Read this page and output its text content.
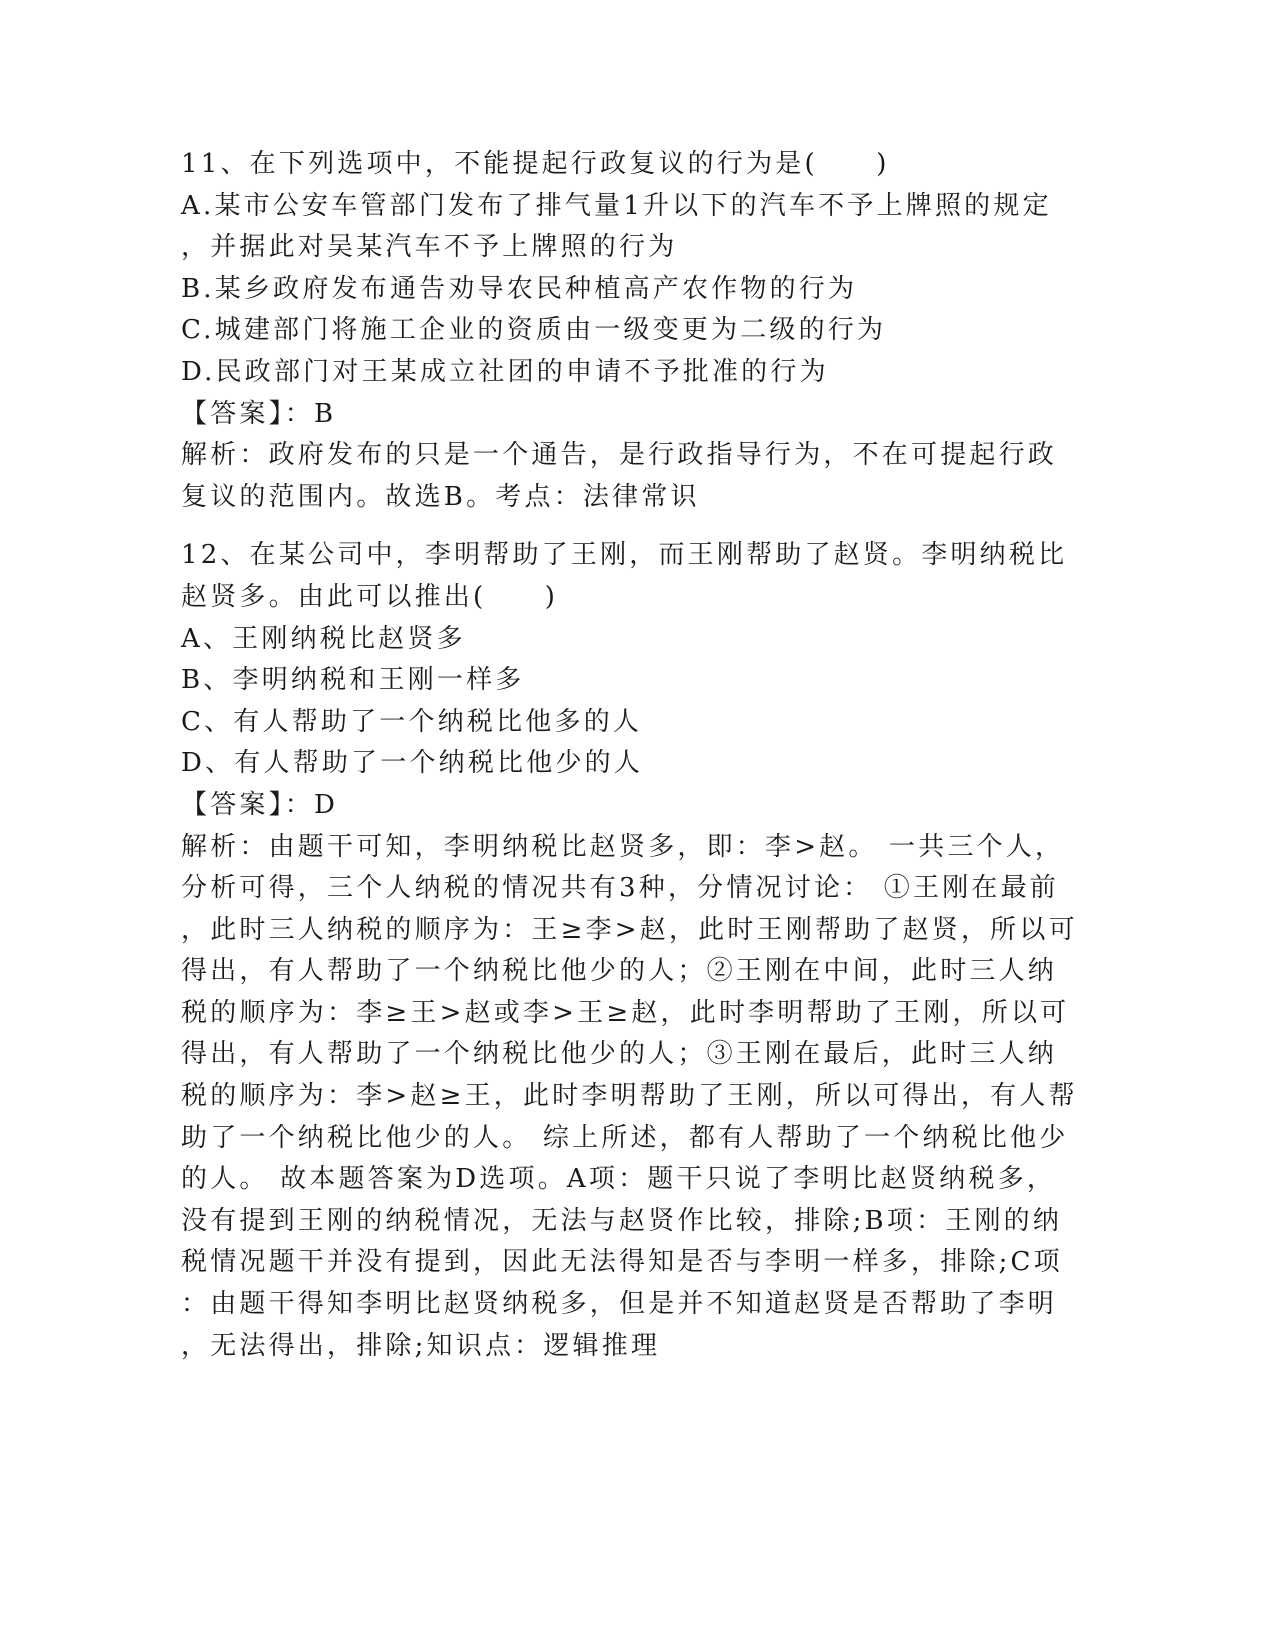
11、在下列选项中，不能提起行政复议的行为是(　　)
A.某市公安车管部门发布了排气量1升以下的汽车不予上牌照的规定
，并据此对吴某汽车不予上牌照的行为
B.某乡政府发布通告劝导农民种植高产农作物的行为
C.城建部门将施工企业的资质由一级变更为二级的行为
D.民政部门对王某成立社团的申请不予批准的行为
【答案】：B
解析：政府发布的只是一个通告，是行政指导行为，不在可提起行政
复议的范围内。故选B。考点：法律常识
12、在某公司中，李明帮助了王刚，而王刚帮助了赵贤。李明纳税比
赵贤多。由此可以推出(　　)
A、王刚纳税比赵贤多
B、李明纳税和王刚一样多
C、有人帮助了一个纳税比他多的人
D、有人帮助了一个纳税比他少的人
【答案】：D
解析：由题干可知，李明纳税比赵贤多，即：李>赵。 一共三个人，
分析可得，三个人纳税的情况共有3种，分情况讨论： ①王刚在最前
，此时三人纳税的顺序为：王≥李>赵，此时王刚帮助了赵贤，所以可
得出，有人帮助了一个纳税比他少的人；②王刚在中间，此时三人纳
税的顺序为：李≥王>赵或李>王≥赵，此时李明帮助了王刚，所以可
得出，有人帮助了一个纳税比他少的人；③王刚在最后，此时三人纳
税的顺序为：李>赵≥王，此时李明帮助了王刚，所以可得出，有人帮
助了一个纳税比他少的人。 综上所述，都有人帮助了一个纳税比他少
的人。 故本题答案为D选项。A项：题干只说了李明比赵贤纳税多，
没有提到王刚的纳税情况，无法与赵贤作比较，排除;B项：王刚的纳
税情况题干并没有提到，因此无法得知是否与李明一样多，排除;C项
：由题干得知李明比赵贤纳税多，但是并不知道赵贤是否帮助了李明
，无法得出，排除;知识点：逻辑推理
